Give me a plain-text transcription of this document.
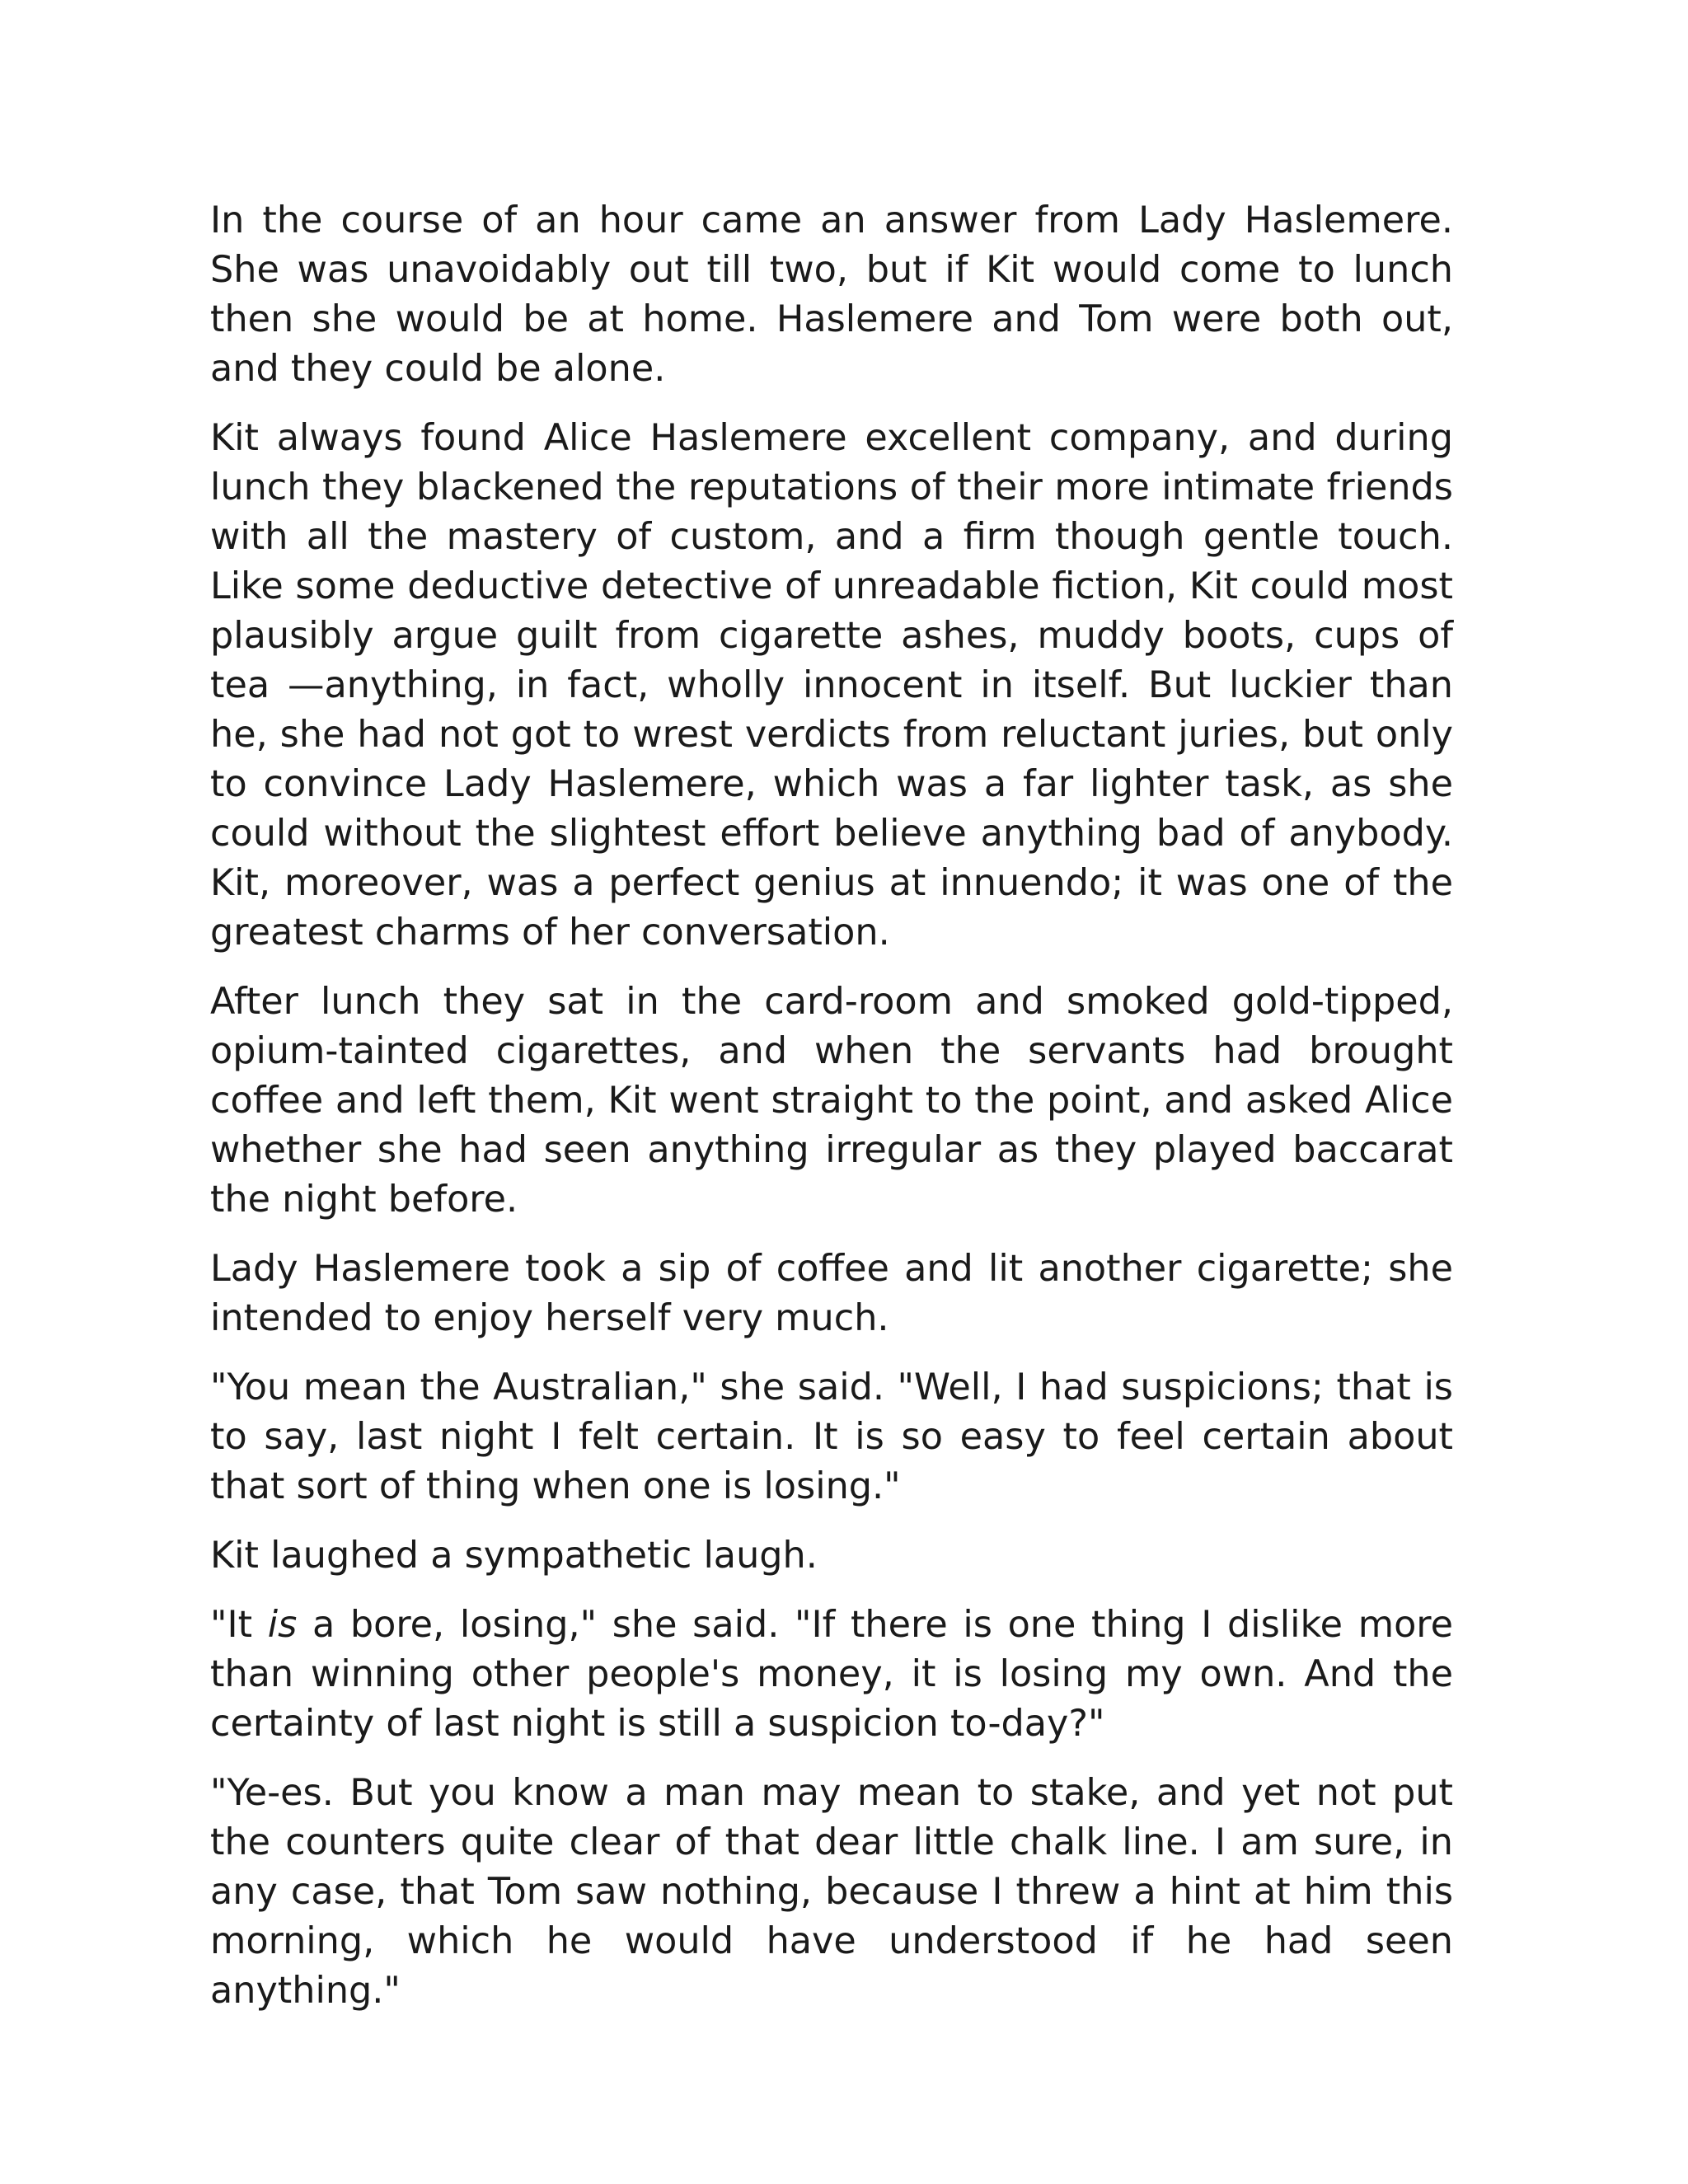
In the course of an hour came an answer from Lady Haslemere. She was unavoidably out till two, but if Kit would come to lunch then she would be at home. Haslemere and Tom were both out, and they could be alone.

Kit always found Alice Haslemere excellent company, and during lunch they blackened the reputations of their more intimate friends with all the mastery of custom, and a firm though gentle touch. Like some deductive detective of unreadable fiction, Kit could most plausibly argue guilt from cigarette ashes, muddy boots, cups of tea —anything, in fact, wholly innocent in itself. But luckier than he, she had not got to wrest verdicts from reluctant juries, but only to convince Lady Haslemere, which was a far lighter task, as she could without the slightest effort believe anything bad of anybody. Kit, moreover, was a perfect genius at innuendo; it was one of the greatest charms of her conversation.

After lunch they sat in the card-room and smoked gold-tipped, opium-tainted cigarettes, and when the servants had brought coffee and left them, Kit went straight to the point, and asked Alice whether she had seen anything irregular as they played baccarat the night before.

Lady Haslemere took a sip of coffee and lit another cigarette; she intended to enjoy herself very much.

"You mean the Australian," she said. "Well, I had suspicions; that is to say, last night I felt certain. It is so easy to feel certain about that sort of thing when one is losing."

Kit laughed a sympathetic laugh.

"It is a bore, losing," she said. "If there is one thing I dislike more than winning other people's money, it is losing my own. And the certainty of last night is still a suspicion to-day?"

"Ye-es. But you know a man may mean to stake, and yet not put the counters quite clear of that dear little chalk line. I am sure, in any case, that Tom saw nothing, because I threw a hint at him this morning, which he would have understood if he had seen anything."
